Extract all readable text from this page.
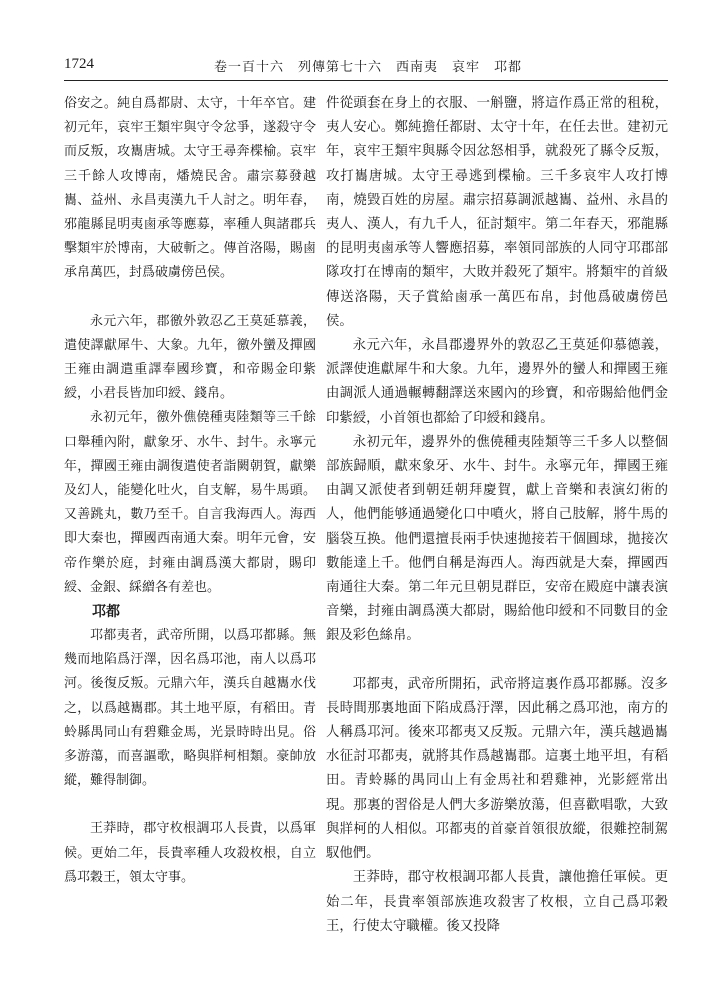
1724	卷一百十六　列傳第七十六　西南夷　哀牢　邛都

俗安之。純自爲都尉、太守，十年卒官。建初元年，哀牢王類牢與守令忿爭，遂殺守令而反叛，攻巂唐城。太守王尋奔楪榆。哀牢三千餘人攻博南，燔燒民舍。肅宗募發越巂、益州、永昌夷漢九千人討之。明年春，邪龍縣昆明夷鹵承等應募，率種人與諸郡兵擊類牢於博南，大破斬之。傳首洛陽，賜鹵承帛萬匹，封爲破虜傍邑侯。

永元六年，郡徼外敦忍乙王莫延慕義，遣使譯獻犀牛、大象。九年，徼外蠻及撣國王雍由調遣重譯奉國珍寶，和帝賜金印紫綬，小君長皆加印綬、錢帛。

永初元年，徼外僬僥種夷陸類等三千餘口舉種內附，獻象牙、水牛、封牛。永寧元年，撣國王雍由調復遣使者詣闕朝賀，獻樂及幻人，能變化吐火，自支解，易牛馬頭。又善跳丸，數乃至千。自言我海西人。海西即大秦也，撣國西南通大秦。明年元會，安帝作樂於庭，封雍由調爲漢大都尉，賜印綬、金銀、綵繒各有差也。

邛都

邛都夷者，武帝所開，以爲邛都縣。無幾而地陷爲汙澤，因名爲邛池，南人以爲邛河。後復反叛。元鼎六年，漢兵自越巂水伐之，以爲越巂郡。其土地平原，有稻田。青蛉縣禺同山有碧雞金馬，光景時時出見。俗多游蕩，而喜謳歌，略與牂柯相類。豪帥放縱，難得制御。

王莽時，郡守枚根調邛人長貴，以爲軍候。更始二年，長貴率種人攻殺枚根，自立爲邛穀王，領太守事。

件從頭套在身上的衣服、一斛鹽，將這作爲正常的租稅，夷人安心。鄭純擔任都尉、太守十年，在任去世。建初元年，哀牢王類牢與縣令因忿怒相爭，就殺死了縣令反叛，攻打巂唐城。太守王尋逃到楪榆。三千多哀牢人攻打博南，燒毀百姓的房屋。肅宗招募調派越巂、益州、永昌的夷人、漢人，有九千人，征討類牢。第二年春天，邪龍縣的昆明夷鹵承等人響應招募，率領同部族的人同守邛郡部隊攻打在博南的類牢，大敗并殺死了類牢。將類牢的首級傳送洛陽，天子賞給鹵承一萬匹布帛，封他爲破虜傍邑侯。

永元六年，永昌郡邊界外的敦忍乙王莫延仰慕德義，派譯使進獻犀牛和大象。九年，邊界外的蠻人和撣國王雍由調派人通過輾轉翻譯送來國內的珍寶，和帝賜給他們金印紫綬，小首領也都給了印綬和錢帛。

永初元年，邊界外的僬僥種夷陸類等三千多人以整個部族歸順，獻來象牙、水牛、封牛。永寧元年，撣國王雍由調又派使者到朝廷朝拜慶賀，獻上音樂和表演幻術的人，他們能够通過變化口中噴火，將自己肢解，將牛馬的腦袋互换。他們還擅長兩手快速拋接若干個圓球，拋接次數能達上千。他們自稱是海西人。海西就是大秦，撣國西南通往大秦。第二年元旦朝見群臣，安帝在殿庭中讓表演音樂，封雍由調爲漢大都尉，賜給他印綬和不同數目的金銀及彩色絲帛。

邛都夷，武帝所開拓，武帝將這裏作爲邛都縣。沒多長時間那裏地面下陷成爲汙澤，因此稱之爲邛池，南方的人稱爲邛河。後來邛都夷又反叛。元鼎六年，漢兵越過巂水征討邛都夷，就將其作爲越巂郡。這裏土地平坦，有稻田。青蛉縣的禺同山上有金馬社和碧雞神，光影經常出現。那裏的習俗是人們大多游樂放蕩，但喜歡唱歌，大致與牂柯的人相似。邛都夷的首豪首領很放縱，很難控制駕馭他們。

王莽時，郡守枚根調邛都人長貴，讓他擔任軍候。更始二年，長貴率領部族進攻殺害了枚根，立自己爲邛穀王，行使太守職權。後又投降
